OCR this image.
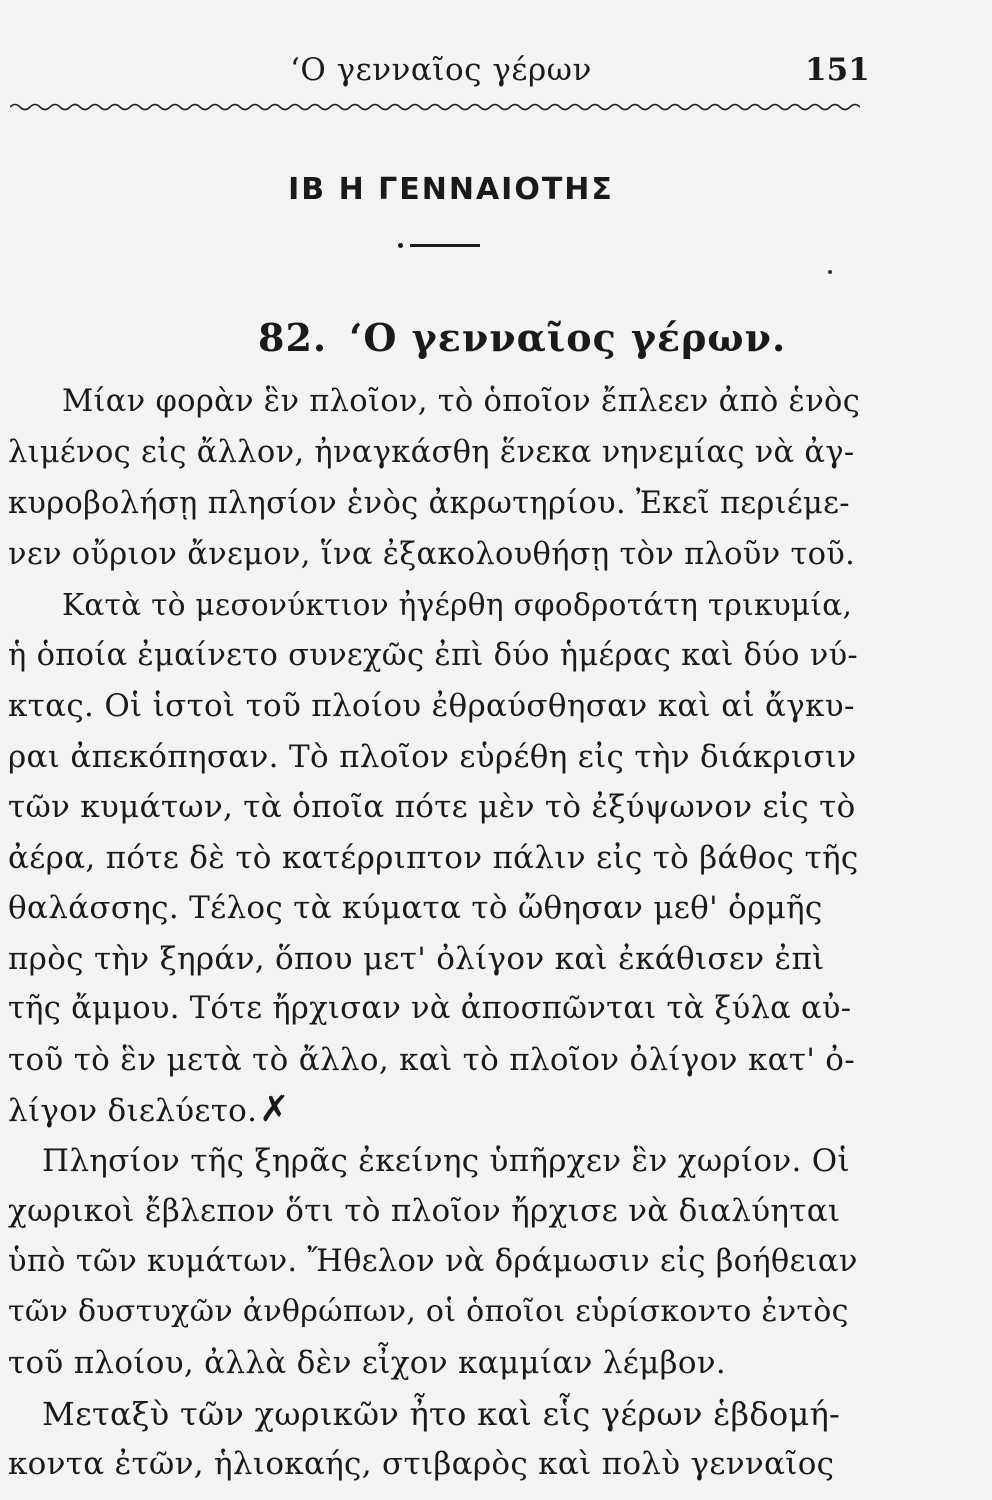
‘Ο γενναῖος γέρων	151
ΙΒ Η ΓΕΝΝΑΙΟΤΗΣ
82. ‘Ο γενναῖος γέρων.
Μίαν φορὰν ἓν πλοῖον, τὸ ὁποῖον ἔπλεεν ἀπὸ ἑνὸς
λιμένος εἰς ἄλλον, ἠναγκάσθη ἕνεκα νηνεμίας νὰ ἀγ-
κυροβολήσῃ πλησίον ἑνὸς ἀκρωτηρίου. Ἐκεῖ περιέμε-
νεν οὔριον ἄνεμον, ἵνα ἐξακολουθήσῃ τὸν πλοῦν τοῦ.
Κατὰ τὸ μεσονύκτιον ἠγέρθη σφοδροτάτη τρικυμία,
ἡ ὁποία ἐμαίνετο συνεχῶς ἐπὶ δύο ἡμέρας καὶ δύο νύ-
κτας. Οἱ ἱστοὶ τοῦ πλοίου ἐθραύσθησαν καὶ αἱ ἄγκυ-
ραι ἀπεκόπησαν. Τὸ πλοῖον εὑρέθη εἰς τὴν διάκρισιν
τῶν κυμάτων, τὰ ὁποῖα πότε μὲν τὸ ἐξύψωνον εἰς τὸ
ἀέρα, πότε δὲ τὸ κατέρριπτον πάλιν εἰς τὸ βάθος τῆς
θαλάσσης. Τέλος τὰ κύματα τὸ ὤθησαν μεθ' ὁρμῆς
πρὸς τὴν ξηράν, ὅπου μετ' ὀλίγον καὶ ἐκάθισεν ἐπὶ
τῆς ἄμμου. Τότε ἤρχισαν νὰ ἀποσπῶνται τὰ ξύλα αὐ-
τοῦ τὸ ἓν μετὰ τὸ ἄλλο, καὶ τὸ πλοῖον ὀλίγον κατ' ὀ-
λίγον διελύετο.✗
Πλησίον τῆς ξηρᾶς ἐκείνης ὑπῆρχεν ἓν χωρίον. Οἱ
χωρικοὶ ἔβλεπον ὅτι τὸ πλοῖον ἤρχισε νὰ διαλύηται
ὑπὸ τῶν κυμάτων. Ἤθελον νὰ δράμωσιν εἰς βοήθειαν
τῶν δυστυχῶν ἀνθρώπων, οἱ ὁποῖοι εὑρίσκοντο ἐντὸς
τοῦ πλοίου, ἀλλὰ δὲν εἶχον καμμίαν λέμβον.
Μεταξὺ τῶν χωρικῶν ἦτο καὶ εἷς γέρων ἑβδομή-
κοντα ἐτῶν, ἡλιοκαής, στιβαρὸς καὶ πολὺ γενναῖος
